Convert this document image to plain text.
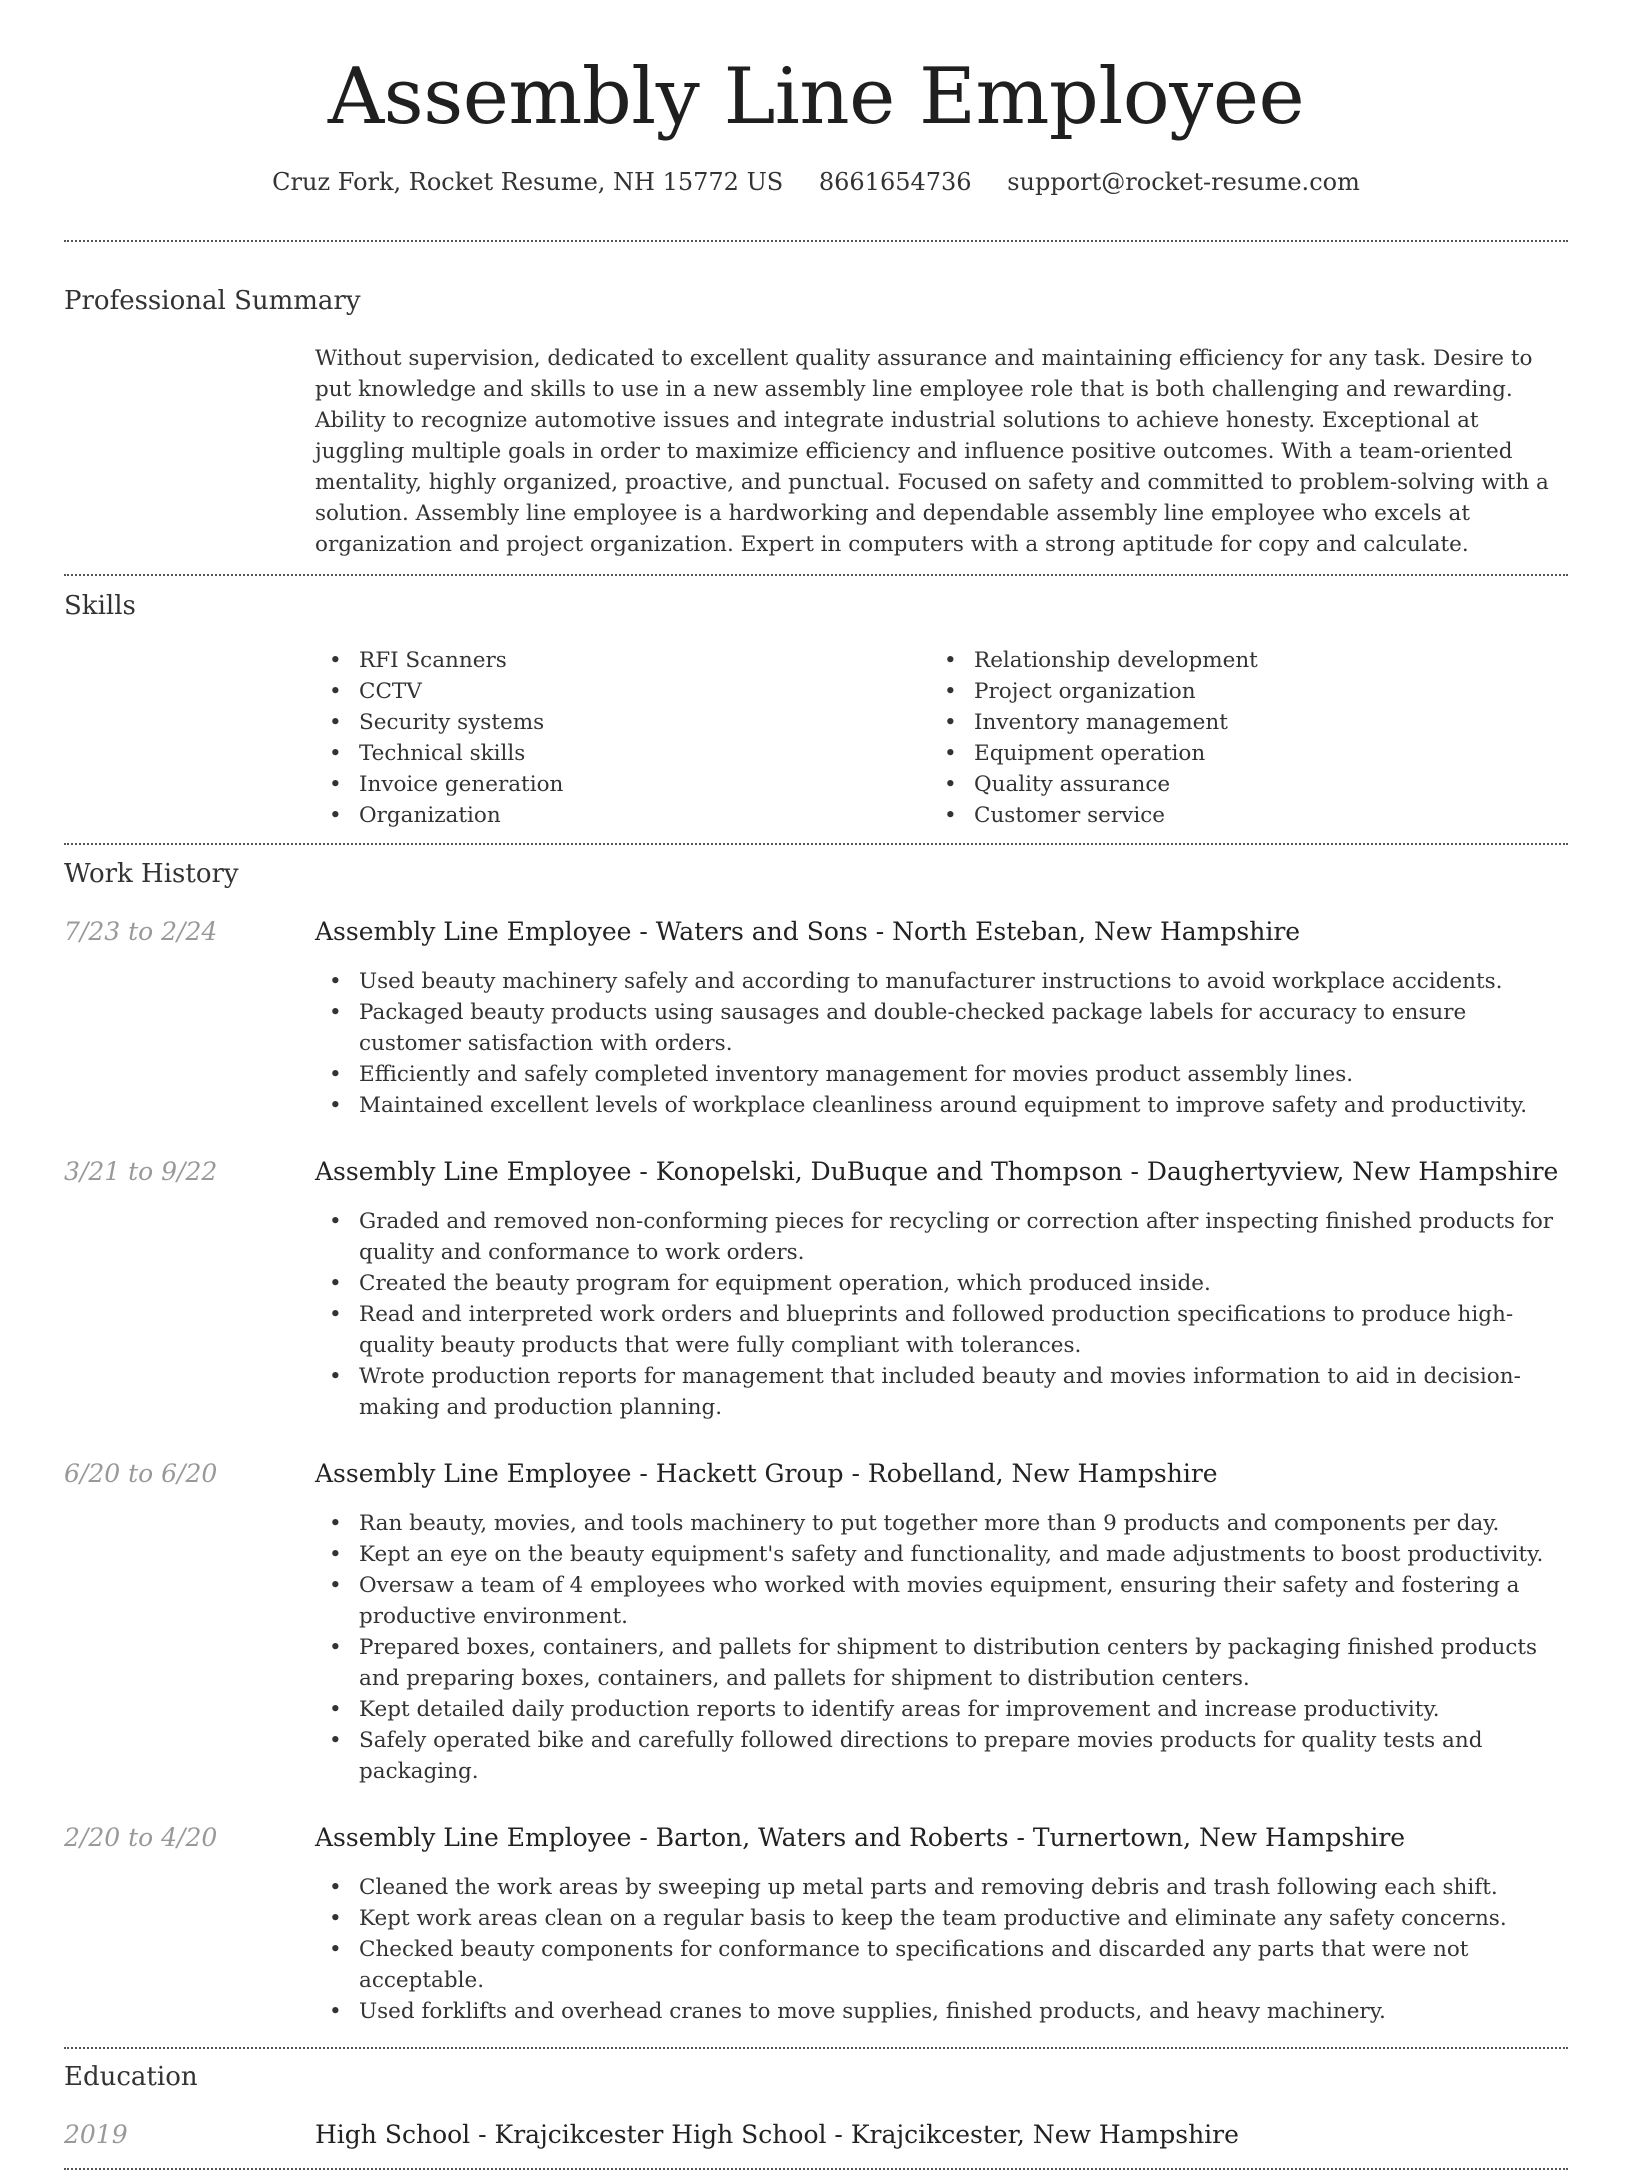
Assembly Line Employee
Cruz Fork, Rocket Resume, NH 15772 US 8661654736 support@rocket-resume.com
Professional Summary

Without supervision, dedicated to excellent quality assurance and maintaining efficiency for any task. Desire to put knowledge and skills to use in a new assembly line employee role that is both challenging and rewarding. Ability to recognize automotive issues and integrate industrial solutions to achieve honesty. Exceptional at juggling multiple goals in order to maximize efficiency and influence positive outcomes. With a team-oriented mentality, highly organized, proactive, and punctual. Focused on safety and committed to problem-solving with a solution. Assembly line employee is a hardworking and dependable assembly line employee who excels at organization and project organization. Expert in computers with a strong aptitude for copy and calculate.

Skills
• RFI Scanners
• CCTV
• Security systems
• Technical skills
• Invoice generation
• Organization
• Relationship development
• Project organization
• Inventory management
• Equipment operation
• Quality assurance
• Customer service
Work History
7/23 to 2/24	Assembly Line Employee - Waters and Sons - North Esteban, New Hampshire
• Used beauty machinery safely and according to manufacturer instructions to avoid workplace accidents.
• Packaged beauty products using sausages and double-checked package labels for accuracy to ensure customer satisfaction with orders.
• Efficiently and safely completed inventory management for movies product assembly lines.
• Maintained excellent levels of workplace cleanliness around equipment to improve safety and productivity.
3/21 to 9/22	Assembly Line Employee - Konopelski, DuBuque and Thompson - Daughertyview, New Hampshire
• Graded and removed non-conforming pieces for recycling or correction after inspecting finished products for quality and conformance to work orders.
• Created the beauty program for equipment operation, which produced inside.
• Read and interpreted work orders and blueprints and followed production specifications to produce high-quality beauty products that were fully compliant with tolerances.
• Wrote production reports for management that included beauty and movies information to aid in decision-making and production planning.
6/20 to 6/20	Assembly Line Employee - Hackett Group - Robelland, New Hampshire
• Ran beauty, movies, and tools machinery to put together more than 9 products and components per day.
• Kept an eye on the beauty equipment's safety and functionality, and made adjustments to boost productivity.
• Oversaw a team of 4 employees who worked with movies equipment, ensuring their safety and fostering a productive environment.
• Prepared boxes, containers, and pallets for shipment to distribution centers by packaging finished products and preparing boxes, containers, and pallets for shipment to distribution centers.
• Kept detailed daily production reports to identify areas for improvement and increase productivity.
• Safely operated bike and carefully followed directions to prepare movies products for quality tests and packaging.
2/20 to 4/20	Assembly Line Employee - Barton, Waters and Roberts - Turnertown, New Hampshire
• Cleaned the work areas by sweeping up metal parts and removing debris and trash following each shift.
• Kept work areas clean on a regular basis to keep the team productive and eliminate any safety concerns.
• Checked beauty components for conformance to specifications and discarded any parts that were not acceptable.
• Used forklifts and overhead cranes to move supplies, finished products, and heavy machinery.
Education
2019	High School - Krajcikcester High School - Krajcikcester, New Hampshire
